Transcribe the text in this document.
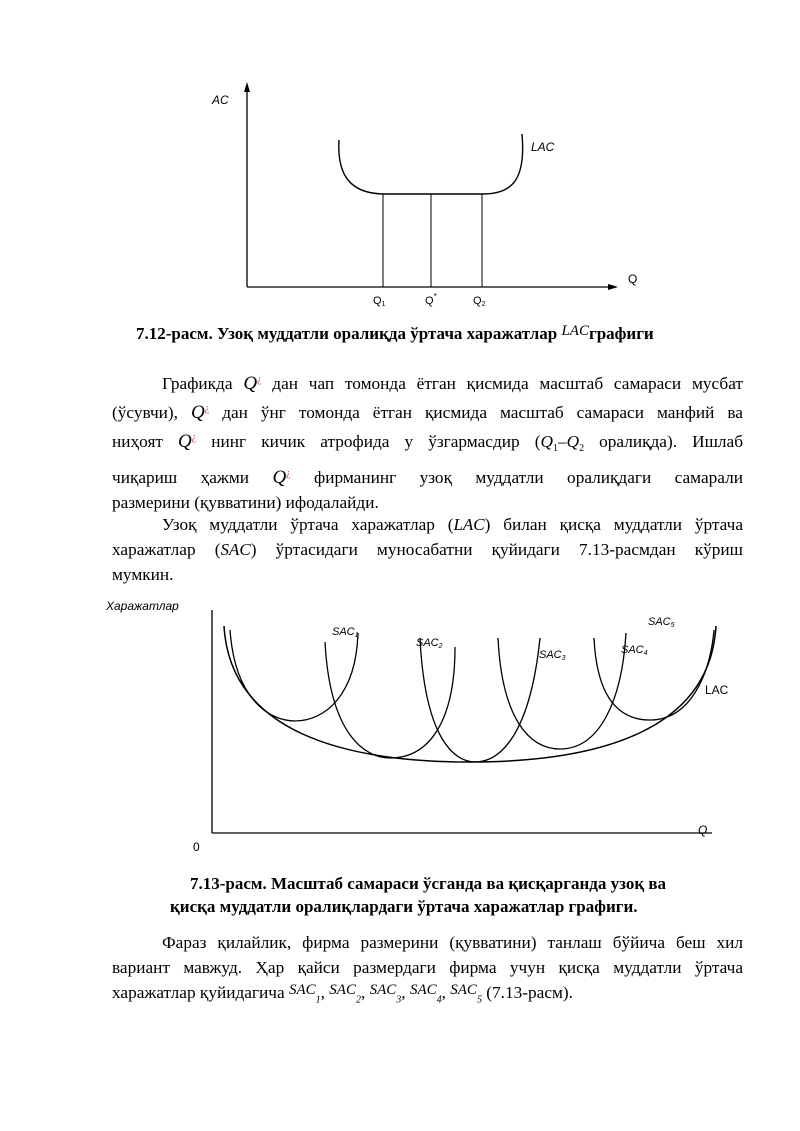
AC
Q
LAC
Q1	Q*	Q2
7.12-расм. Узоқ муддатли оралиқда ўртача харажатлар LACграфиги
Графикда Q¿ дан чап томонда ётган қисмида масштаб самараси мусбат
(ўсувчи), Q¿ дан ўнг томонда ётган қисмида масштаб самараси манфий ва
ниҳоят Q¿ нинг кичик атрофида у ўзгармасдир ($Q_1-Q_2$ оралиқда). Ишлаб
чиқариш ҳажми Q¿ фирманинг узоқ муддатли оралиқдаги самарали
размерини (қувватини) ифодалайди.
Узоқ муддатли ўртача харажатлар (LAC) билан қисқа муддатли ўртача
харажатлар (SAC) ўртасидаги муносабатни қуйидаги 7.13-расмдан кўриш
мумкин.
Харажатлар
Q
0
LAC
SAC1
SAC2
SAC3
SAC4
SAC5
7.13-расм. Масштаб самараси ўсганда ва қисқарганда узоқ ва
қисқа муддатли оралиқлардаги ўртача харажатлар графиги.
Фараз қилайлик, фирма размерини (қувватини) танлаш бўйича беш хил
вариант мавжуд. Ҳар қайси размердаги фирма учун қисқа муддатли ўртача
харажатлар қуйидагича $SAC_1$, $SAC_2$, $SAC_3$, $SAC_4$, $SAC_5$ (7.13-расм).
